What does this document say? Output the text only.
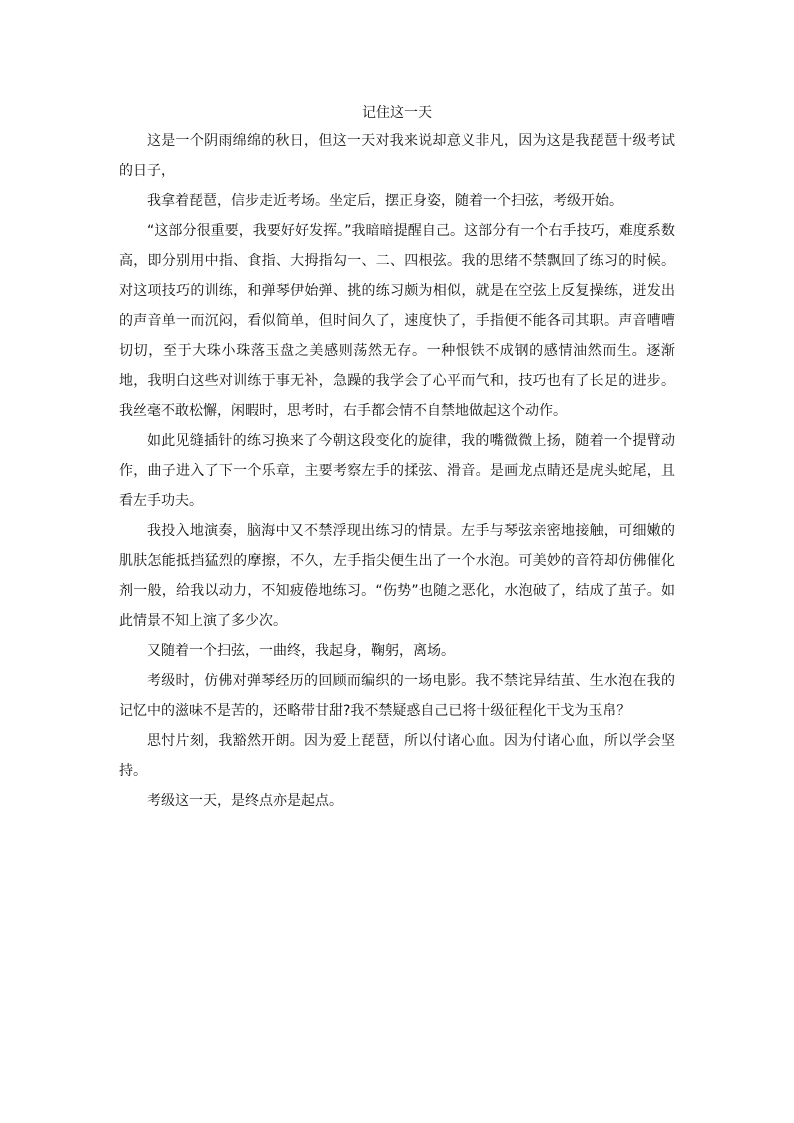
记住这一天

这是一个阴雨绵绵的秋日，但这一天对我来说却意义非凡，因为这是我琵琶十级考试的日子，

我拿着琵琶，信步走近考场。坐定后，摆正身姿，随着一个扫弦，考级开始。

“这部分很重要，我要好好发挥。”我暗暗提醒自己。这部分有一个右手技巧，难度系数高，即分别用中指、食指、大拇指勾一、二、四根弦。我的思绪不禁飘回了练习的时候。对这项技巧的训练，和弹琴伊始弹、挑的练习颇为相似，就是在空弦上反复操练，迸发出的声音单一而沉闷，看似简单，但时间久了，速度快了，手指便不能各司其职。声音嘈嘈切切，至于大珠小珠落玉盘之美感则荡然无存。一种恨铁不成钢的感情油然而生。逐渐地，我明白这些对训练于事无补，急躁的我学会了心平而气和，技巧也有了长足的进步。我丝毫不敢松懈，闲暇时，思考时，右手都会情不自禁地做起这个动作。

如此见缝插针的练习换来了今朝这段变化的旋律，我的嘴微微上扬，随着一个提臂动作，曲子进入了下一个乐章，主要考察左手的揉弦、滑音。是画龙点睛还是虎头蛇尾，且看左手功夫。

我投入地演奏，脑海中又不禁浮现出练习的情景。左手与琴弦亲密地接触，可细嫩的肌肤怎能抵挡猛烈的摩擦，不久，左手指尖便生出了一个水泡。可美妙的音符却仿佛催化剂一般，给我以动力，不知疲倦地练习。“伤势”也随之恶化，水泡破了，结成了茧子。如此情景不知上演了多少次。

又随着一个扫弦，一曲终，我起身，鞠躬，离场。

考级时，仿佛对弹琴经历的回顾而编织的一场电影。我不禁诧异结茧、生水泡在我的记忆中的滋味不是苦的，还略带甘甜?我不禁疑惑自己已将十级征程化干戈为玉帛？

思忖片刻，我豁然开朗。因为爱上琵琶，所以付诸心血。因为付诸心血，所以学会坚持。

考级这一天，是终点亦是起点。
